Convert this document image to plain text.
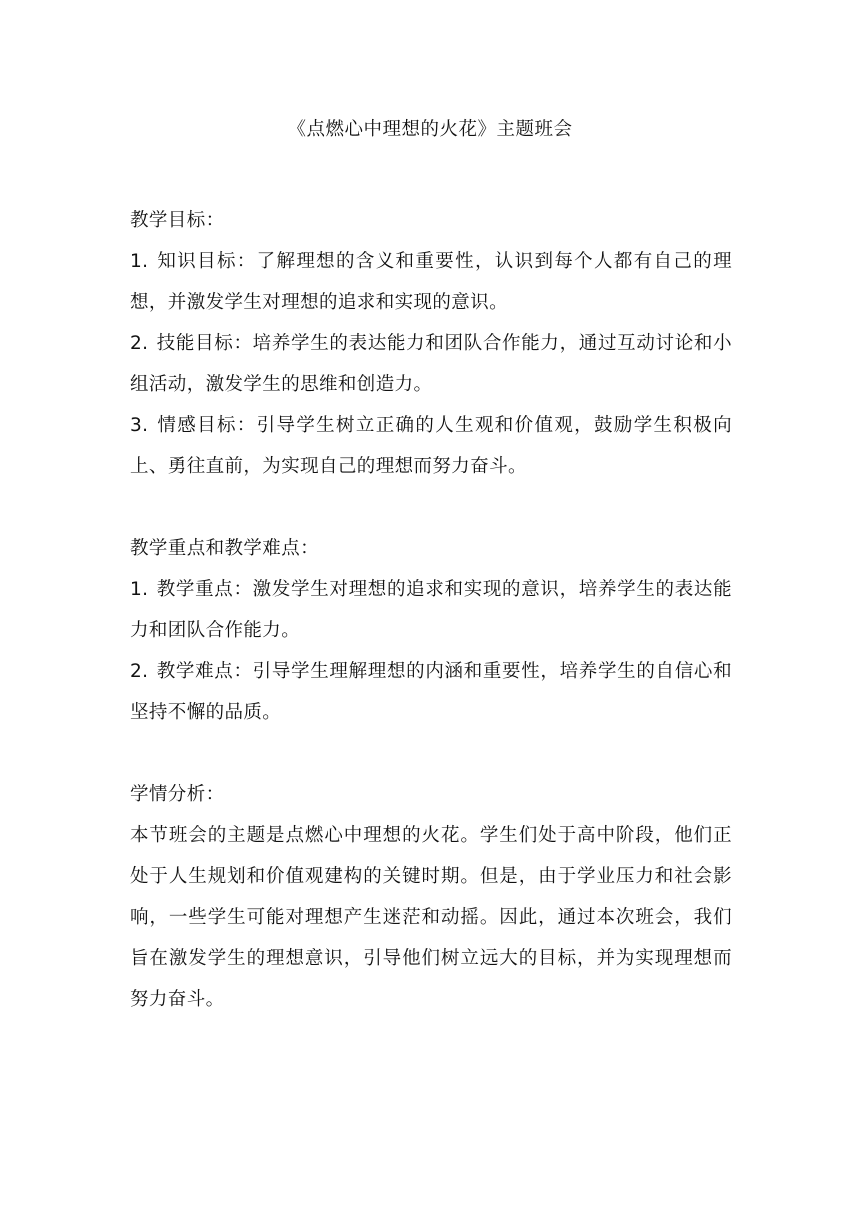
《点燃心中理想的火花》主题班会

教学目标：

1. 知识目标：了解理想的含义和重要性，认识到每个人都有自己的理想，并激发学生对理想的追求和实现的意识。

2. 技能目标：培养学生的表达能力和团队合作能力，通过互动讨论和小组活动，激发学生的思维和创造力。

3. 情感目标：引导学生树立正确的人生观和价值观，鼓励学生积极向上、勇往直前，为实现自己的理想而努力奋斗。

教学重点和教学难点：

1. 教学重点：激发学生对理想的追求和实现的意识，培养学生的表达能力和团队合作能力。

2. 教学难点：引导学生理解理想的内涵和重要性，培养学生的自信心和坚持不懈的品质。

学情分析：

本节班会的主题是点燃心中理想的火花。学生们处于高中阶段，他们正处于人生规划和价值观建构的关键时期。但是，由于学业压力和社会影响，一些学生可能对理想产生迷茫和动摇。因此，通过本次班会，我们旨在激发学生的理想意识，引导他们树立远大的目标，并为实现理想而努力奋斗。
